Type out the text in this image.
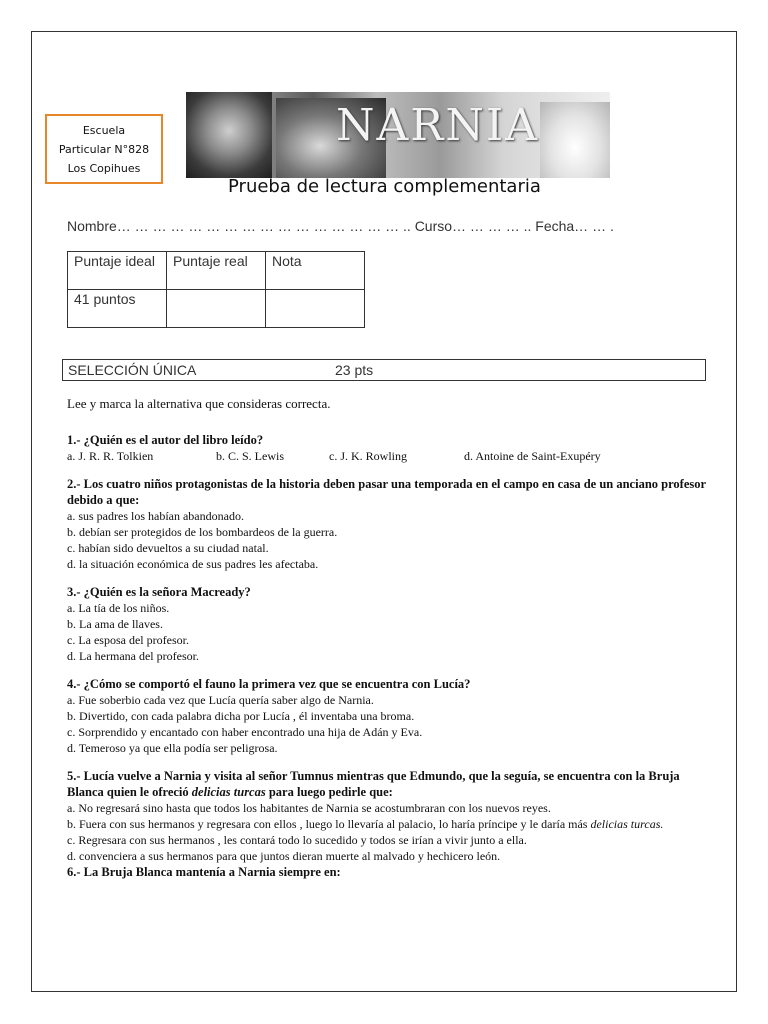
Escuela
Particular N°828
Los Copihues
NARNIA
Prueba de lectura complementaria
Nombre… … … … … … … … … … … … … … … … .. Curso… … … … .. Fecha… … .
Puntaje ideal	Puntaje real	Nota
41 puntos		
SELECCIÓN ÚNICA	23 pts

Lee y marca la alternativa que consideras correcta.

1.- ¿Quién es el autor del libro leído?

a. J. R. R. Tolkien	b. C. S. Lewis	c. J. K. Rowling	d. Antoine de Saint-Exupéry

2.- Los cuatro niños protagonistas de la historia deben pasar una temporada en el campo en casa de un anciano profesor debido a que:

a. sus padres los habían abandonado.

b. debían ser protegidos de los bombardeos de la guerra.

c. habían sido devueltos a su ciudad natal.

d. la situación económica de sus padres les afectaba.

3.- ¿Quién es la señora Macready?

a. La tía de los niños.

b. La ama de llaves.

c. La esposa del profesor.

d. La hermana del profesor.

4.- ¿Cómo se comportó el fauno la primera vez que se encuentra con Lucía?

a. Fue soberbio cada vez que Lucía quería saber algo de Narnia.

b. Divertido, con cada palabra dicha por Lucía , él inventaba una broma.

c. Sorprendido y encantado con haber encontrado una hija de Adán y Eva.

d. Temeroso ya que ella podía ser peligrosa.

5.- Lucía vuelve a Narnia y visita al señor Tumnus mientras que Edmundo, que la seguía, se encuentra con la Bruja Blanca quien le ofreció delicias turcas para luego pedirle que:

a. No regresará sino hasta que todos los habitantes de Narnia se acostumbraran con los nuevos reyes.

b. Fuera con sus hermanos y regresara con ellos , luego lo llevaría al palacio, lo haría príncipe y le daría más delicias turcas.

c. Regresara con sus hermanos , les contará todo lo sucedido y todos se irían a vivir junto a ella.

d. convenciera a sus hermanos para que juntos dieran muerte al malvado y hechicero león.

6.- La Bruja Blanca mantenía a Narnia siempre en:
